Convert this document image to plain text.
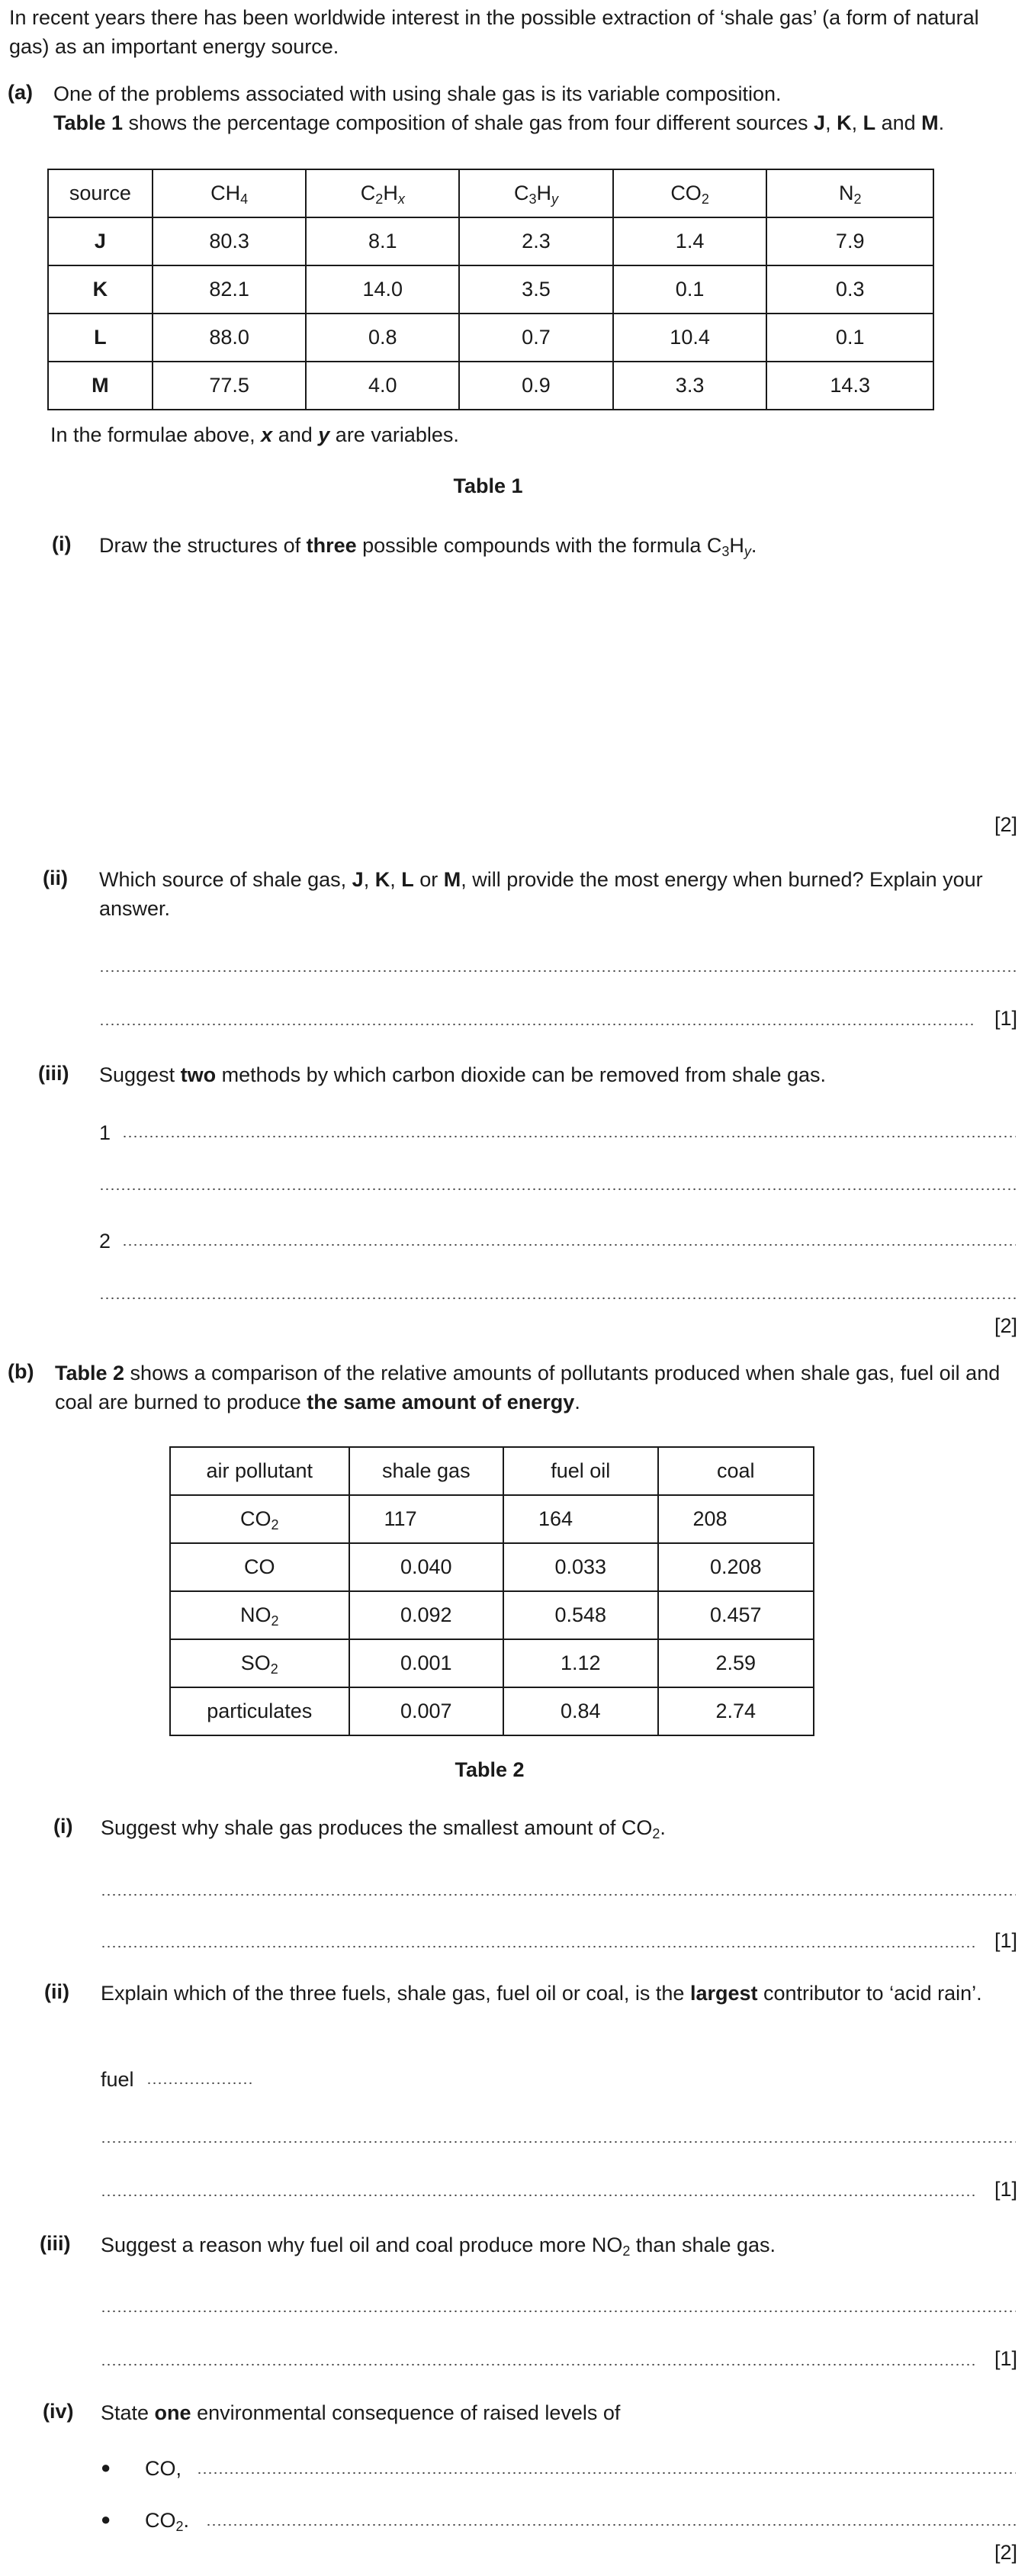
In recent years there has been worldwide interest in the possible extraction of ‘shale gas’ (a form of natural gas) as an important energy source.
(a) One of the problems associated with using shale gas is its variable composition.
Table 1 shows the percentage composition of shale gas from four different sources J, K, L and M.
source	$CH_4$	$C_2H_x$	$C_3H_y$	$CO_2$	$N_2$
J	80.3	8.1	2.3	1.4	7.9
K	82.1	14.0	3.5	0.1	0.3
L	88.0	0.8	0.7	10.4	0.1
M	77.5	4.0	0.9	3.3	14.3
In the formulae above, x and y are variables.
Table 1
(i) Draw the structures of three possible compounds with the formula $C_3H_y$.
[2]
(ii) Which source of shale gas, J, K, L or M, will provide the most energy when burned? Explain your answer.
[1]
(iii) Suggest two methods by which carbon dioxide can be removed from shale gas.
1
2
[2]
(b) Table 2 shows a comparison of the relative amounts of pollutants produced when shale gas, fuel oil and coal are burned to produce the same amount of energy.
air pollutant	shale gas	fuel oil	coal
$CO_2$	117	164	208
CO	0.040	0.033	0.208
$NO_2$	0.092	0.548	0.457
$SO_2$	0.001	1.12	2.59
particulates	0.007	0.84	2.74
Table 2
(i) Suggest why shale gas produces the smallest amount of $CO_2$.
[1]
(ii) Explain which of the three fuels, shale gas, fuel oil or coal, is the largest contributor to ‘acid rain’.
fuel
[1]
(iii) Suggest a reason why fuel oil and coal produce more $NO_2$ than shale gas.
[1]
(iv) State one environmental consequence of raised levels of
● CO,
● $CO_2$.
[2]
